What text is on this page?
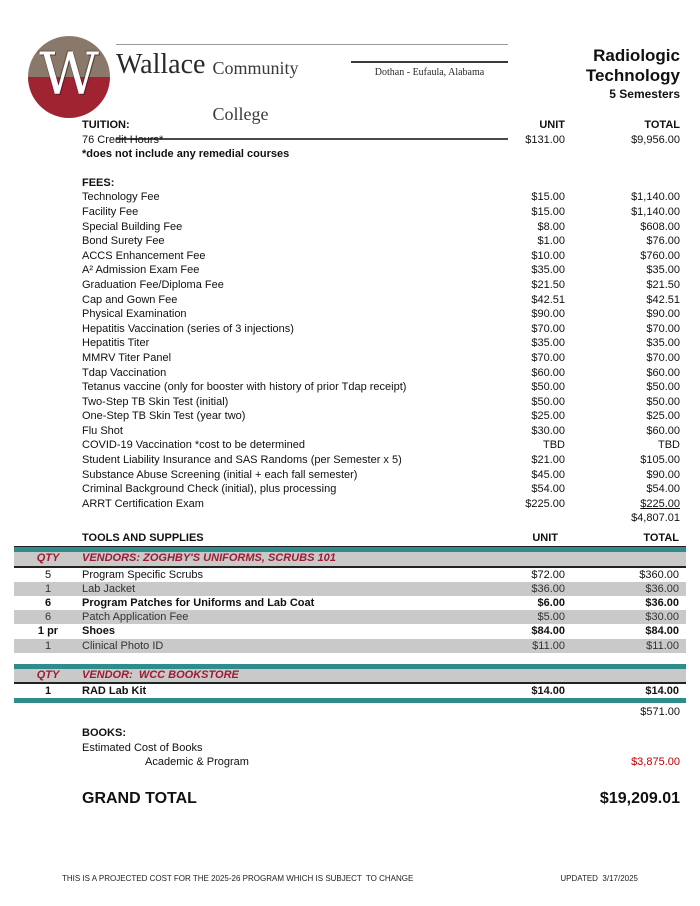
W Wallace Community College
Dothan - Eufaula, Alabama
Radiologic
Technology
5 Semesters
TUITION:	UNIT	TOTAL
76 Credit Hours*	$131.00	$9,956.00
*does not include any remedial courses
FEES:
Technology Fee	$15.00	$1,140.00
Facility Fee	$15.00	$1,140.00
Special Building Fee	$8.00	$608.00
Bond Surety Fee	$1.00	$76.00
ACCS Enhancement Fee	$10.00	$760.00
A² Admission Exam Fee	$35.00	$35.00
Graduation Fee/Diploma Fee	$21.50	$21.50
Cap and Gown Fee	$42.51	$42.51
Physical Examination	$90.00	$90.00
Hepatitis Vaccination (series of 3 injections)	$70.00	$70.00
Hepatitis Titer	$35.00	$35.00
MMRV Titer Panel	$70.00	$70.00
Tdap Vaccination	$60.00	$60.00
Tetanus vaccine (only for booster with history of prior Tdap receipt)	$50.00	$50.00
Two-Step TB Skin Test (initial)	$50.00	$50.00
One-Step TB Skin Test (year two)	$25.00	$25.00
Flu Shot	$30.00	$60.00
COVID-19 Vaccination *cost to be determined	TBD	TBD
Student Liability Insurance and SAS Randoms (per Semester x 5)	$21.00	$105.00
Substance Abuse Screening (initial + each fall semester)	$45.00	$90.00
Criminal Background Check (initial), plus processing	$54.00	$54.00
ARRT Certification Exam	$225.00	$225.00
$4,807.01
TOOLS AND SUPPLIES	UNIT	TOTAL
QTY	VENDORS: ZOGHBY'S UNIFORMS, SCRUBS 101
5	Program Specific Scrubs	$72.00	$360.00
1	Lab Jacket	$36.00	$36.00
6	Program Patches for Uniforms and Lab Coat	$6.00	$36.00
6	Patch Application Fee	$5.00	$30.00
1 pr	Shoes	$84.00	$84.00
1	Clinical Photo ID	$11.00	$11.00
QTY	VENDOR:  WCC BOOKSTORE
1	RAD Lab Kit	$14.00	$14.00
$571.00
BOOKS:
Estimated Cost of Books
Academic & Program	$3,875.00
GRAND TOTAL	$19,209.01
THIS IS A PROJECTED COST FOR THE 2025-26 PROGRAM WHICH IS SUBJECT  TO CHANGE	UPDATED  3/17/2025
